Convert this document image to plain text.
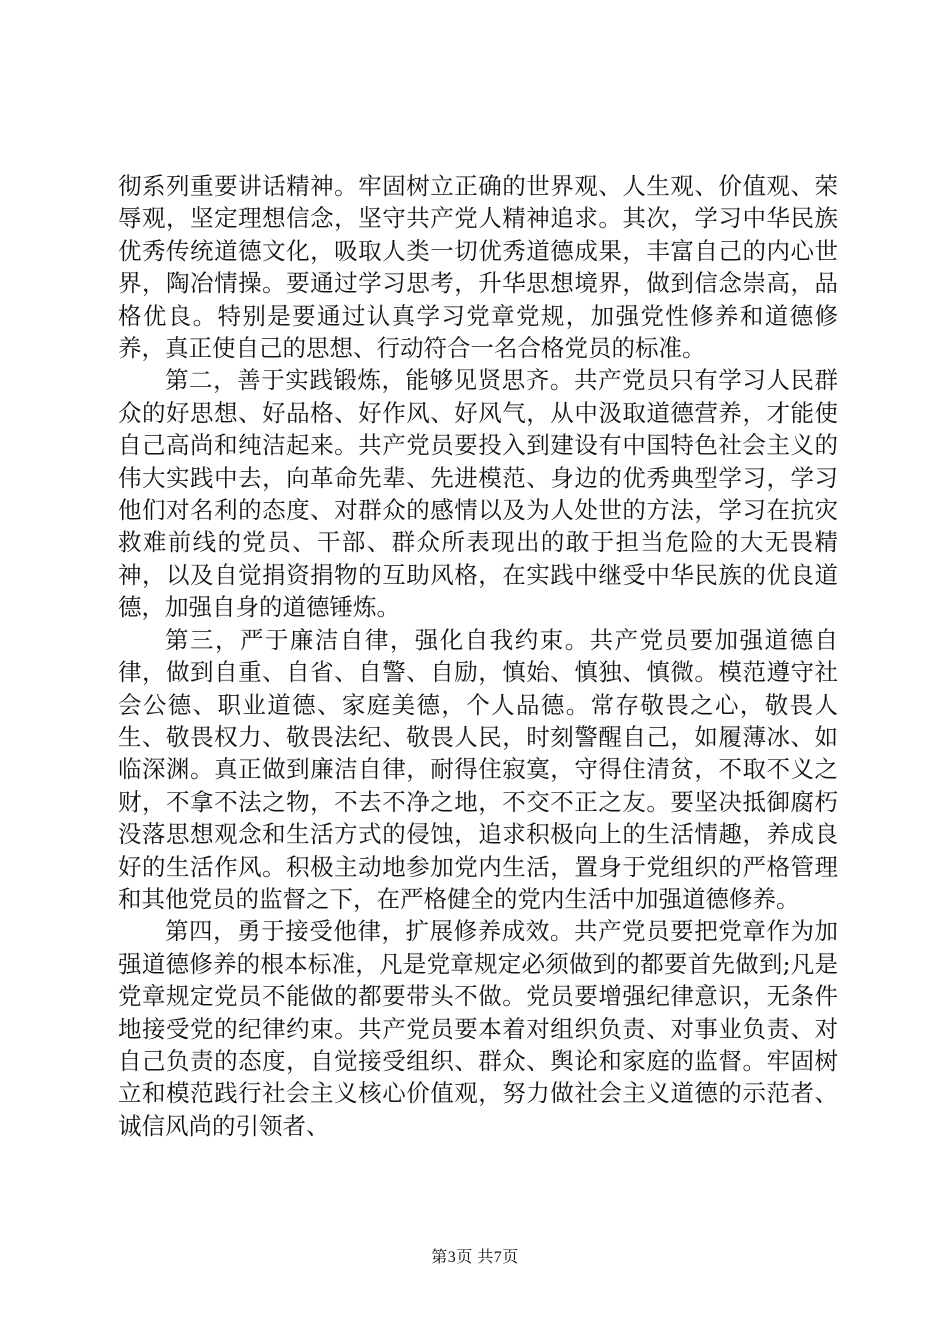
彻系列重要讲话精神。牢固树立正确的世界观、人生观、价值观、荣辱观，坚定理想信念，坚守共产党人精神追求。其次，学习中华民族优秀传统道德文化，吸取人类一切优秀道德成果，丰富自己的内心世界，陶冶情操。要通过学习思考，升华思想境界，做到信念崇高，品格优良。特别是要通过认真学习党章党规，加强党性修养和道德修养，真正使自己的思想、行动符合一名合格党员的标准。

第二，善于实践锻炼，能够见贤思齐。共产党员只有学习人民群众的好思想、好品格、好作风、好风气，从中汲取道德营养，才能使自己高尚和纯洁起来。共产党员要投入到建设有中国特色社会主义的伟大实践中去，向革命先辈、先进模范、身边的优秀典型学习，学习他们对名利的态度、对群众的感情以及为人处世的方法，学习在抗灾救难前线的党员、干部、群众所表现出的敢于担当危险的大无畏精神，以及自觉捐资捐物的互助风格，在实践中继受中华民族的优良道德，加强自身的道德锤炼。

第三，严于廉洁自律，强化自我约束。共产党员要加强道德自律，做到自重、自省、自警、自励，慎始、慎独、慎微。模范遵守社会公德、职业道德、家庭美德，个人品德。常存敬畏之心，敬畏人生、敬畏权力、敬畏法纪、敬畏人民，时刻警醒自己，如履薄冰、如临深渊。真正做到廉洁自律，耐得住寂寞，守得住清贫，不取不义之财，不拿不法之物，不去不净之地，不交不正之友。要坚决抵御腐朽没落思想观念和生活方式的侵蚀，追求积极向上的生活情趣，养成良好的生活作风。积极主动地参加党内生活，置身于党组织的严格管理和其他党员的监督之下，在严格健全的党内生活中加强道德修养。

第四，勇于接受他律，扩展修养成效。共产党员要把党章作为加强道德修养的根本标准，凡是党章规定必须做到的都要首先做到;凡是党章规定党员不能做的都要带头不做。党员要增强纪律意识，无条件地接受党的纪律约束。共产党员要本着对组织负责、对事业负责、对自己负责的态度，自觉接受组织、群众、舆论和家庭的监督。牢固树立和模范践行社会主义核心价值观，努力做社会主义道德的示范者、诚信风尚的引领者、

第3页 共7页
